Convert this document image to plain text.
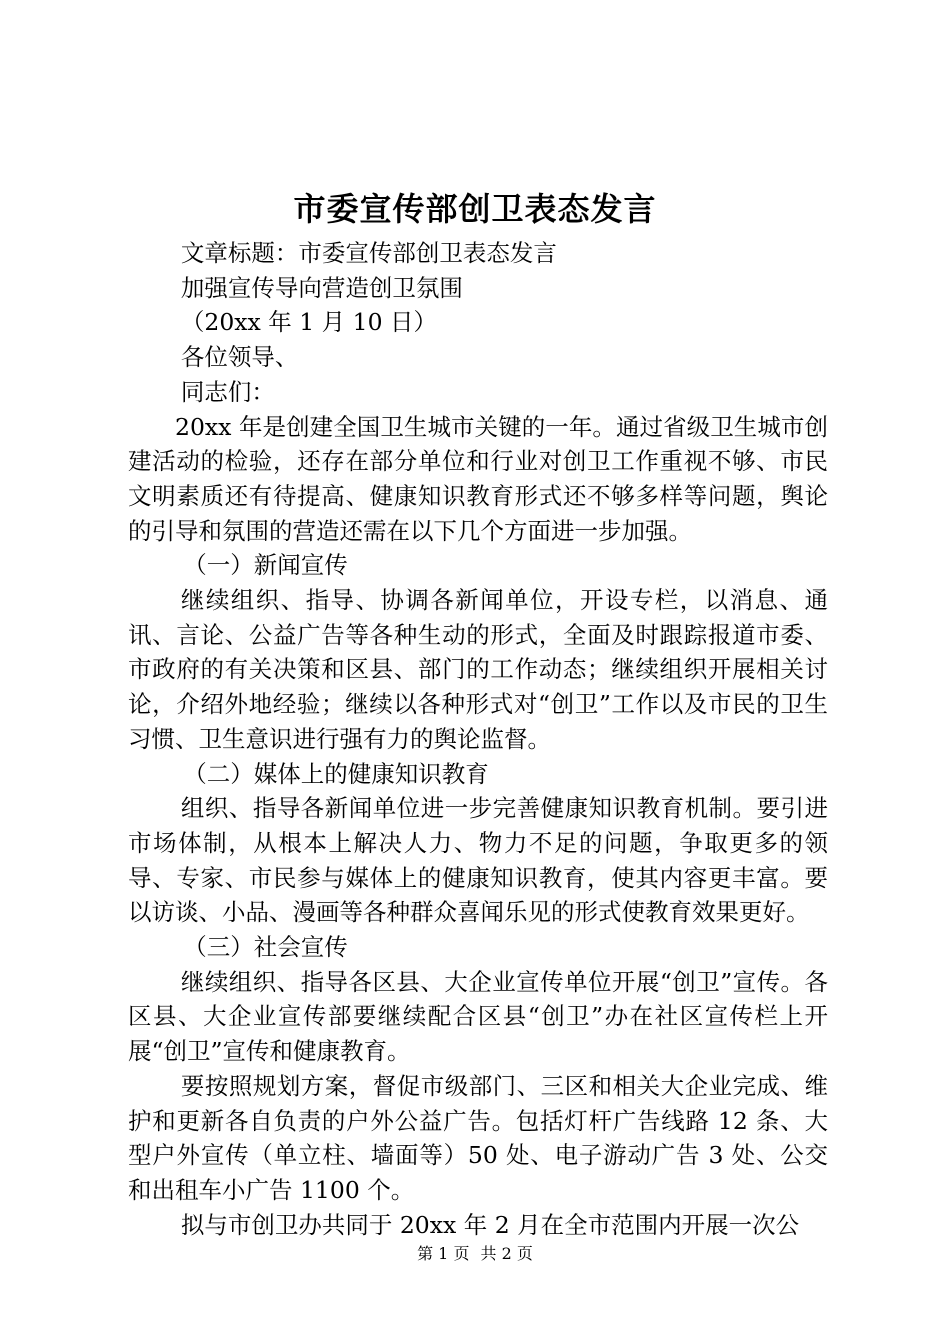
市委宣传部创卫表态发言

文章标题：市委宣传部创卫表态发言

加强宣传导向营造创卫氛围

（20xx 年 1 月 10 日）

各位领导、

同志们：

20xx 年是创建全国卫生城市关键的一年。通过省级卫生城市创建活动的检验，还存在部分单位和行业对创卫工作重视不够、市民文明素质还有待提高、健康知识教育形式还不够多样等问题，舆论的引导和氛围的营造还需在以下几个方面进一步加强。

（一）新闻宣传

继续组织、指导、协调各新闻单位，开设专栏，以消息、通讯、言论、公益广告等各种生动的形式，全面及时跟踪报道市委、市政府的有关决策和区县、部门的工作动态；继续组织开展相关讨论，介绍外地经验；继续以各种形式对“创卫”工作以及市民的卫生习惯、卫生意识进行强有力的舆论监督。

（二）媒体上的健康知识教育

组织、指导各新闻单位进一步完善健康知识教育机制。要引进市场体制，从根本上解决人力、物力不足的问题，争取更多的领导、专家、市民参与媒体上的健康知识教育，使其内容更丰富。要以访谈、小品、漫画等各种群众喜闻乐见的形式使教育效果更好。

（三）社会宣传

继续组织、指导各区县、大企业宣传单位开展“创卫”宣传。各区县、大企业宣传部要继续配合区县“创卫”办在社区宣传栏上开展“创卫”宣传和健康教育。

要按照规划方案，督促市级部门、三区和相关大企业完成、维护和更新各自负责的户外公益广告。包括灯杆广告线路 12 条、大型户外宣传（单立柱、墙面等）50 处、电子游动广告 3 处、公交和出租车小广告 1100 个。

拟与市创卫办共同于 20xx 年 2 月在全市范围内开展一次公

第 1 页 共 2 页
